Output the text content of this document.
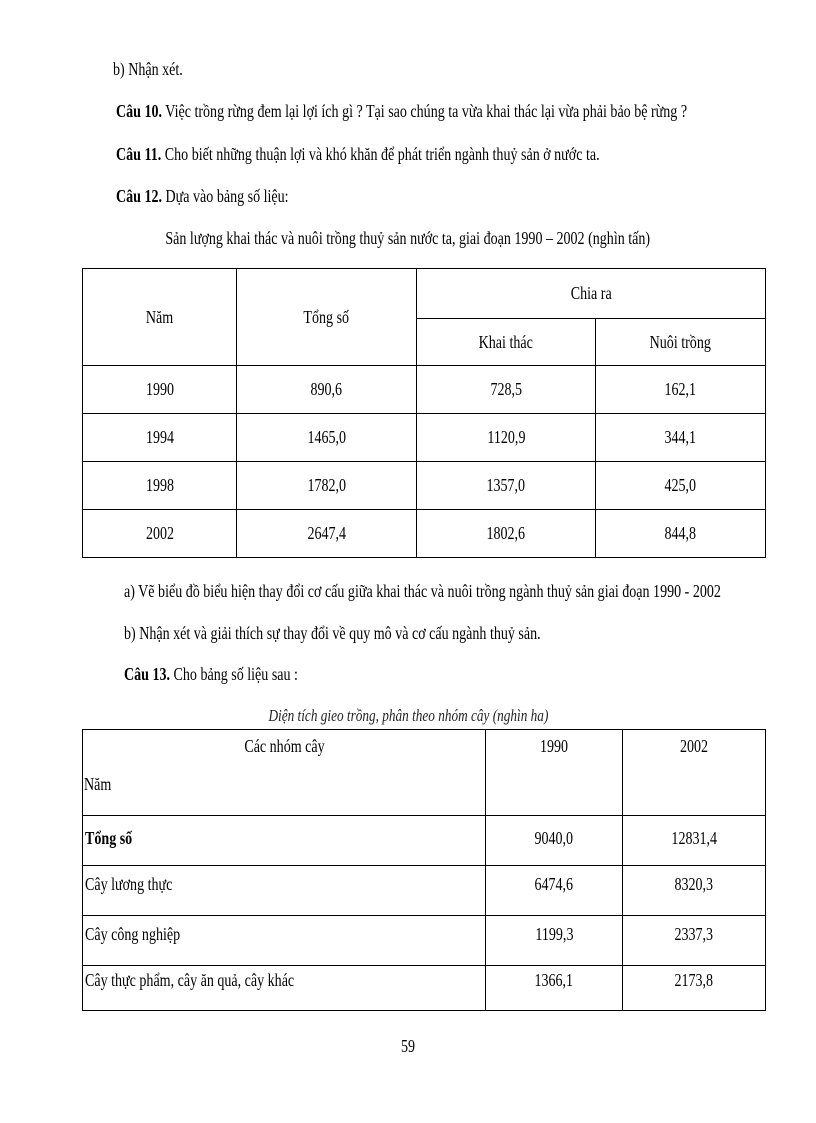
b) Nhận xét.
Câu 10. Việc trồng rừng đem lại lợi ích gì ? Tại sao chúng ta vừa khai thác lại vừa phải bảo bệ rừng ?
Câu 11. Cho biết những thuận lợi và khó khăn để phát triển ngành thuỷ sản ở nước ta.
Câu 12. Dựa vào bảng số liệu:
Sản lượng khai thác và nuôi trồng thuỷ sản nước ta, giai đoạn 1990 – 2002 (nghìn tấn)
Năm	Tổng số	Chia ra	
		Khai thác	Nuôi trồng
1990	890,6	728,5	162,1
1994	1465,0	1120,9	344,1
1998	1782,0	1357,0	425,0
2002	2647,4	1802,6	844,8
a) Vẽ biểu đồ biểu hiện thay đổi cơ cấu giữa khai thác và nuôi trồng ngành thuỷ sản giai đoạn 1990 - 2002
b) Nhận xét và giải thích sự thay đổi về quy mô và cơ cấu ngành thuỷ sản.
Câu 13. Cho bảng số liệu sau :
Diện tích gieo trồng, phân theo nhóm cây (nghìn ha)
Các nhóm cây
Năm	1990	2002
Tổng số	9040,0	12831,4
Cây lương thực	6474,6	8320,3
Cây công nghiệp	1199,3	2337,3
Cây thực phẩm, cây ăn quả, cây khác	1366,1	2173,8
59
